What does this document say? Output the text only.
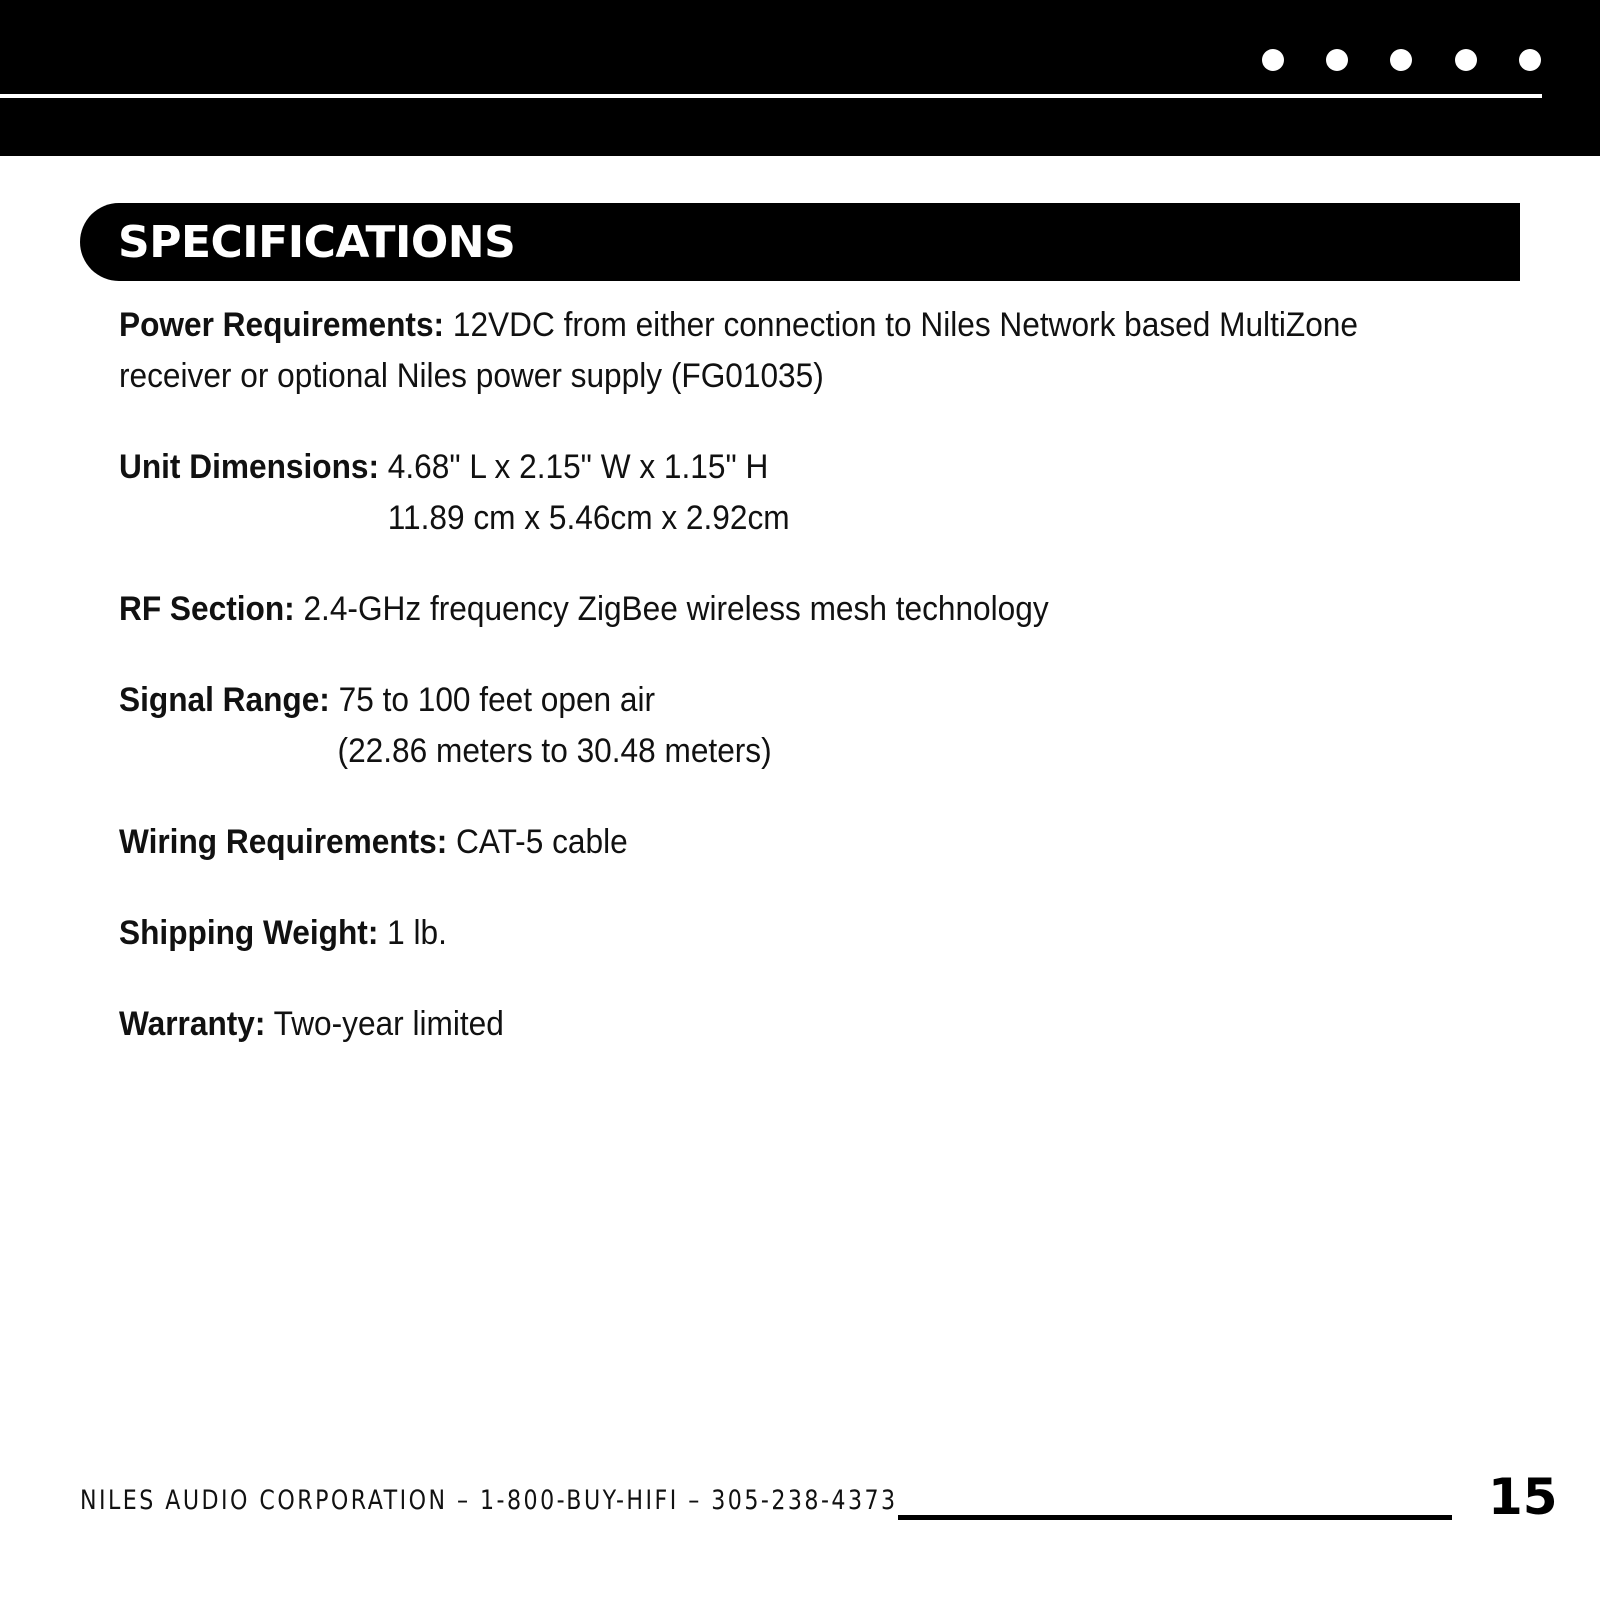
SPECIFICATIONS

Power Requirements: 12VDC from either connection to Niles Network based MultiZone receiver or optional Niles power supply (FG01035)

Unit Dimensions: 4.68" L x 2.15" W x 1.15" H
11.89 cm x 5.46cm x 2.92cm

RF Section: 2.4-GHz frequency ZigBee wireless mesh technology

Signal Range: 75 to 100 feet open air
(22.86 meters to 30.48 meters)

Wiring Requirements: CAT-5 cable

Shipping Weight: 1 lb.

Warranty: Two-year limited

NILES AUDIO CORPORATION – 1-800-BUY-HIFI – 305-238-4373	15
